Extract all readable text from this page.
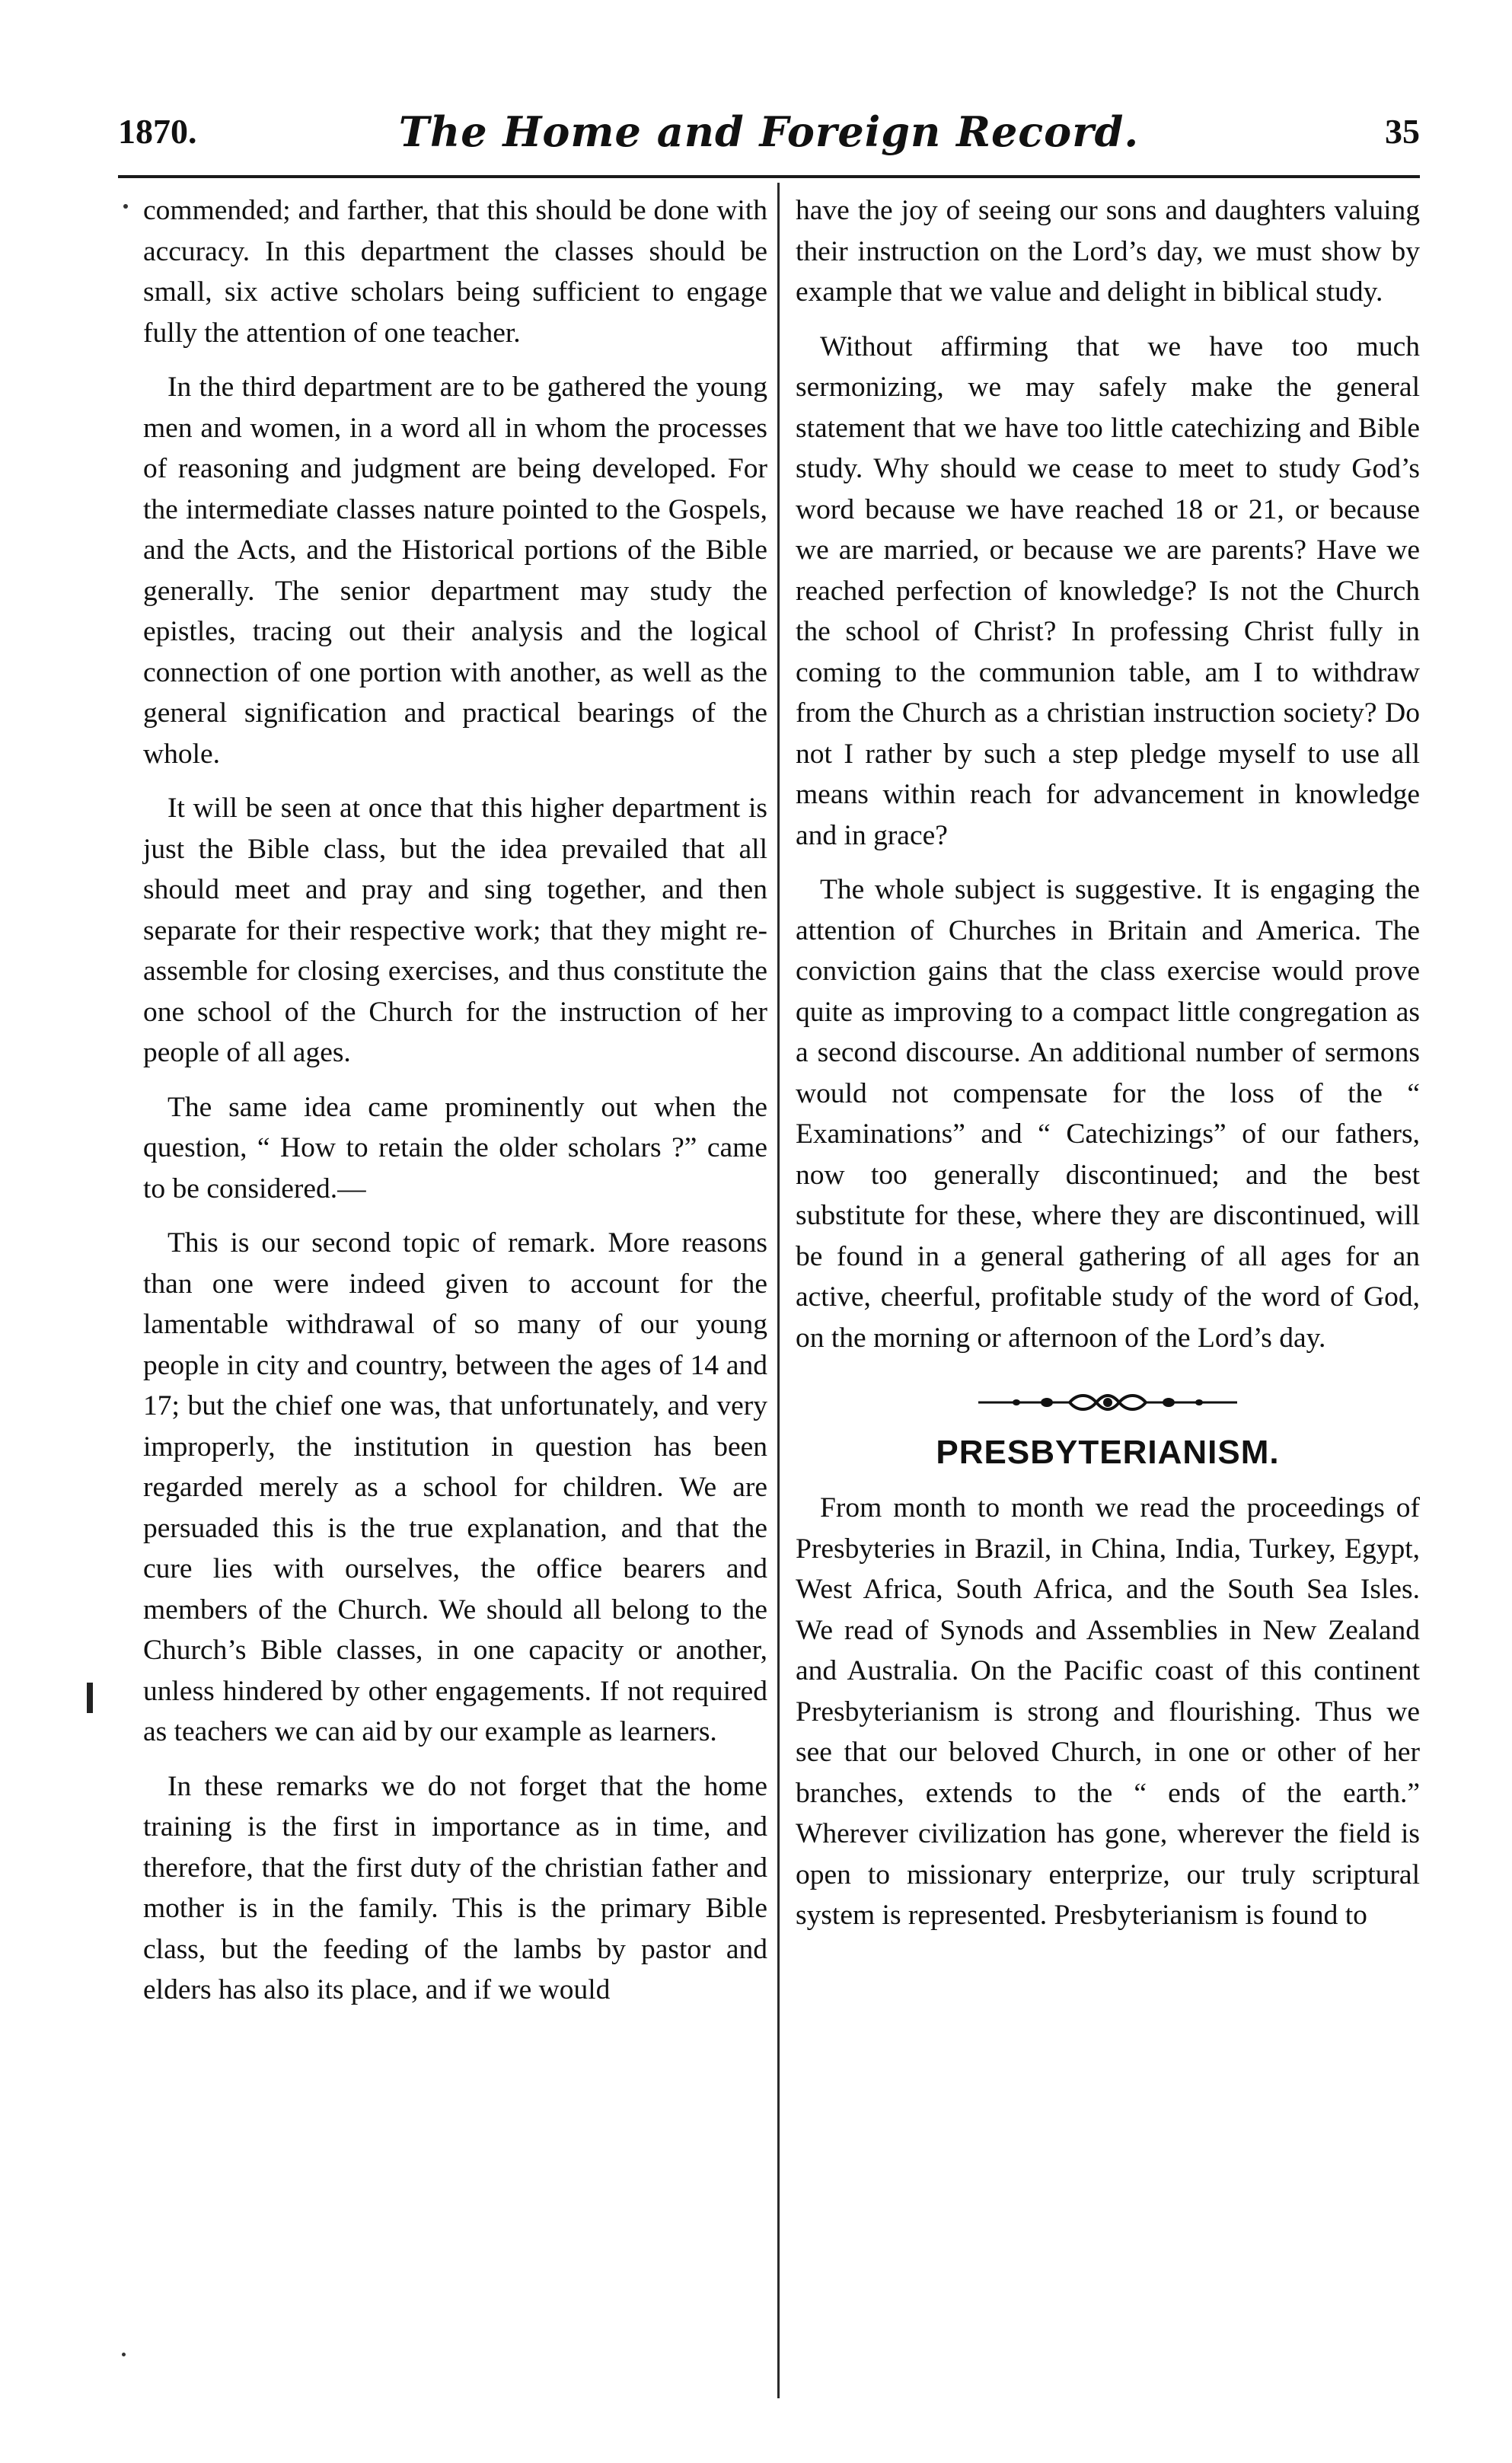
1870.	The Home and Foreign Record.	35

commended; and farther, that this should be done with accuracy. In this department the classes should be small, six active scholars being sufficient to engage fully the attention of one teacher.

In the third department are to be gathered the young men and women, in a word all in whom the processes of reasoning and judgment are being developed. For the intermediate classes nature pointed to the Gospels, and the Acts, and the Historical portions of the Bible generally. The senior department may study the epistles, tracing out their analysis and the logical connection of one portion with another, as well as the general signification and practical bearings of the whole.

It will be seen at once that this higher department is just the Bible class, but the idea prevailed that all should meet and pray and sing together, and then separate for their respective work; that they might re-assemble for closing exercises, and thus constitute the one school of the Church for the instruction of her people of all ages.

The same idea came prominently out when the question, “ How to retain the older scholars ?” came to be considered.—

This is our second topic of remark. More reasons than one were indeed given to account for the lamentable withdrawal of so many of our young people in city and country, between the ages of 14 and 17; but the chief one was, that unfortunately, and very improperly, the institution in question has been regarded merely as a school for children. We are persuaded this is the true explanation, and that the cure lies with ourselves, the office bearers and members of the Church. We should all belong to the Church’s Bible classes, in one capacity or another, unless hindered by other engagements. If not required as teachers we can aid by our example as learners.

In these remarks we do not forget that the home training is the first in importance as in time, and therefore, that the first duty of the christian father and mother is in the family. This is the primary Bible class, but the feeding of the lambs by pastor and elders has also its place, and if we would

have the joy of seeing our sons and daughters valuing their instruction on the Lord’s day, we must show by example that we value and delight in biblical study.

Without affirming that we have too much sermonizing, we may safely make the general statement that we have too little catechizing and Bible study. Why should we cease to meet to study God’s word because we have reached 18 or 21, or because we are married, or because we are parents? Have we reached perfection of knowledge? Is not the Church the school of Christ? In professing Christ fully in coming to the communion table, am I to withdraw from the Church as a christian instruction society? Do not I rather by such a step pledge myself to use all means within reach for advancement in knowledge and in grace?

The whole subject is suggestive. It is engaging the attention of Churches in Britain and America. The conviction gains that the class exercise would prove quite as improving to a compact little congregation as a second discourse. An additional number of sermons would not compensate for the loss of the “ Examinations” and “ Catechizings” of our fathers, now too generally discontinued; and the best substitute for these, where they are discontinued, will be found in a general gathering of all ages for an active, cheerful, profitable study of the word of God, on the morning or afternoon of the Lord’s day.

PRESBYTERIANISM.

From month to month we read the proceedings of Presbyteries in Brazil, in China, India, Turkey, Egypt, West Africa, South Africa, and the South Sea Isles. We read of Synods and Assemblies in New Zealand and Australia. On the Pacific coast of this continent Presbyterianism is strong and flourishing. Thus we see that our beloved Church, in one or other of her branches, extends to the “ ends of the earth.” Wherever civilization has gone, wherever the field is open to missionary enterprize, our truly scriptural system is represented. Presbyterianism is found to
